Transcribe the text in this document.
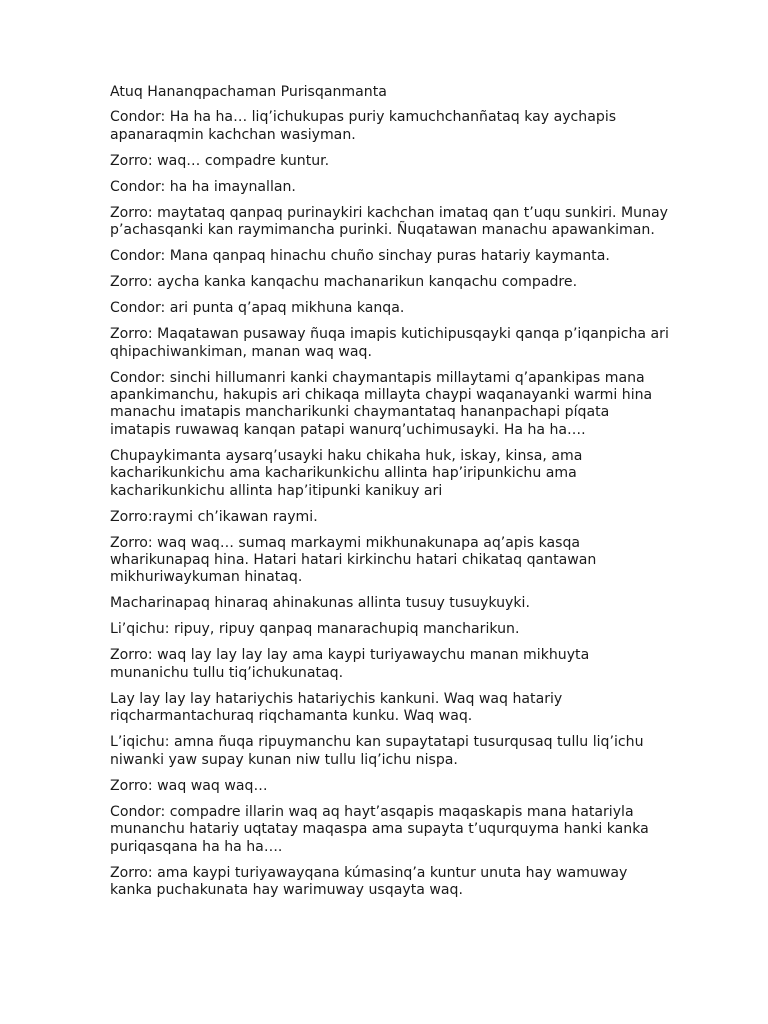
Atuq Hananqpachaman Purisqanmanta

Condor: Ha ha ha… liq’ichukupas puriy kamuchchanñataq kay aychapis apanaraqmin kachchan wasiyman.

Zorro: waq… compadre kuntur.

Condor: ha ha imaynallan.

Zorro: maytataq qanpaq purinaykiri kachchan imataq qan t’uqu sunkiri. Munay p’achasqanki kan raymimancha purinki. Ñuqatawan manachu apawankiman.

Condor: Mana qanpaq hinachu chuño sinchay puras hatariy kaymanta.

Zorro: aycha kanka kanqachu machanarikun kanqachu compadre.

Condor: ari punta q’apaq mikhuna kanqa.

Zorro: Maqatawan pusaway ñuqa imapis kutichipusqayki qanqa p’iqanpicha ari qhipachiwankiman, manan waq waq.

Condor: sinchi hillumanri kanki chaymantapis millaytami q’apankipas mana apankimanchu, hakupis ari chikaqa millayta chaypi waqanayanki warmi hina manachu imatapis mancharikunki chaymantataq hananpachapi píqata imatapis ruwawaq kanqan patapi wanurq’uchimusayki. Ha ha ha….

Chupaykimanta aysarq’usayki haku chikaha huk, iskay, kinsa, ama kacharikunkichu ama kacharikunkichu allinta hap’iripunkichu ama kacharikunkichu allinta hap’itipunki kanikuy ari

Zorro:raymi ch’ikawan raymi.

Zorro: waq waq… sumaq markaymi mikhunakunapa aq’apis kasqa wharikunapaq hina. Hatari hatari kirkinchu hatari chikataq qantawan mikhuriwaykuman hinataq.

Macharinapaq hinaraq ahinakunas allinta tusuy tusuykuyki.

Li’qichu: ripuy, ripuy qanpaq manarachupiq mancharikun.

Zorro: waq lay lay lay lay ama kaypi turiyawaychu manan mikhuyta munanichu tullu tiq’ichukunataq.

Lay lay lay lay hatariychis hatariychis kankuni. Waq waq hatariy riqcharmantachuraq riqchamanta kunku. Waq waq.

L’iqichu: amna ñuqa ripuymanchu kan supaytatapi tusurqusaq tullu liq’ichu niwanki yaw supay kunan niw tullu liq’ichu nispa.

Zorro: waq waq waq…

Condor: compadre illarin waq aq hayt’asqapis maqaskapis mana hatariyla munanchu hatariy uqtatay maqaspa ama supayta t’uqurquyma hanki kanka puriqasqana ha ha ha….

Zorro: ama kaypi turiyawayqana kúmasinq’a kuntur unuta hay wamuway kanka puchakunata hay warimuway usqayta waq.
